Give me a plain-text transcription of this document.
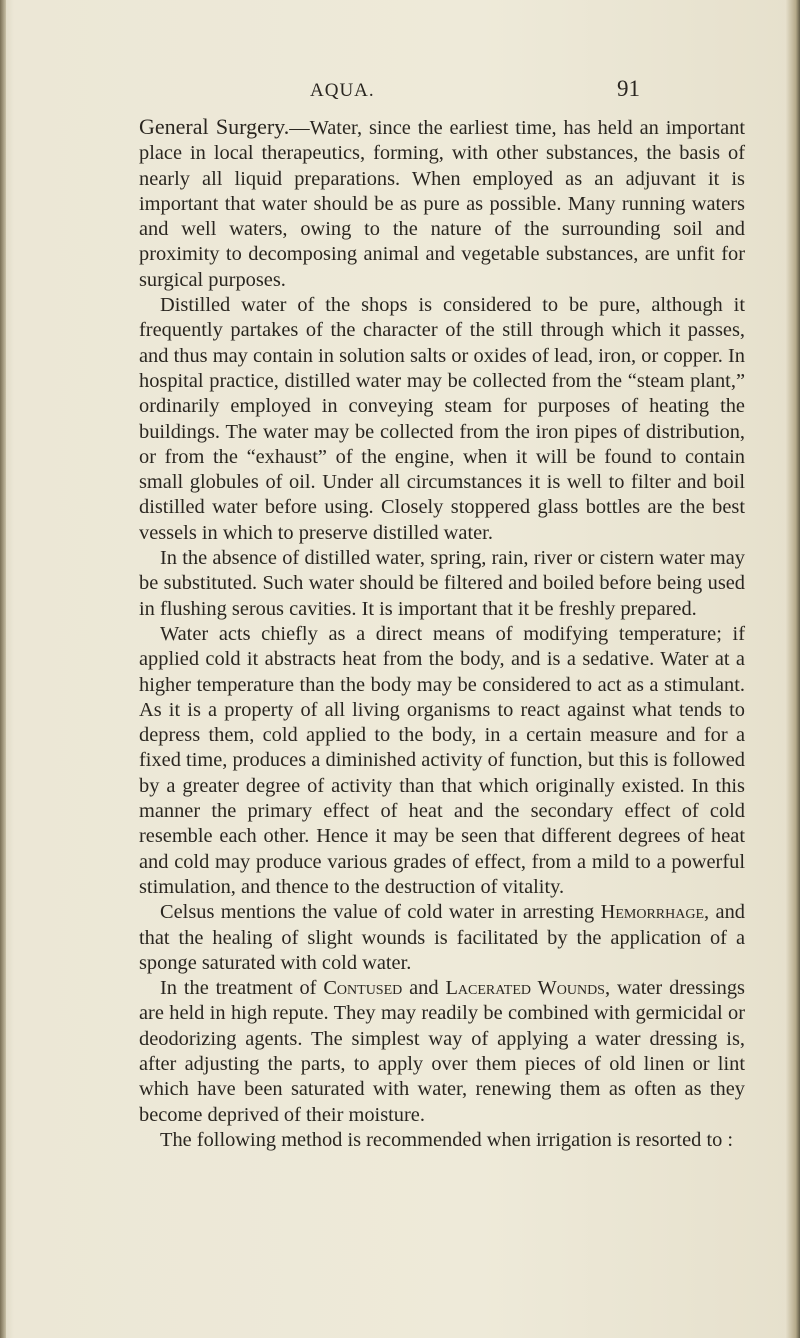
AQUA.	91

General Surgery.—Water, since the earliest time, has held an important place in local therapeutics, forming, with other substances, the basis of nearly all liquid preparations. When employed as an adjuvant it is important that water should be as pure as possible. Many running waters and well waters, owing to the nature of the surrounding soil and proximity to decomposing animal and vegetable substances, are unfit for surgical purposes.

Distilled water of the shops is considered to be pure, although it frequently partakes of the character of the still through which it passes, and thus may contain in solution salts or oxides of lead, iron, or copper. In hospital practice, distilled water may be collected from the “steam plant,” ordinarily employed in conveying steam for purposes of heating the buildings. The water may be collected from the iron pipes of distribution, or from the “exhaust” of the engine, when it will be found to contain small globules of oil. Under all circumstances it is well to filter and boil distilled water before using. Closely stoppered glass bottles are the best vessels in which to preserve distilled water.

In the absence of distilled water, spring, rain, river or cistern water may be substituted. Such water should be filtered and boiled before being used in flushing serous cavities. It is important that it be freshly prepared.

Water acts chiefly as a direct means of modifying temperature; if applied cold it abstracts heat from the body, and is a sedative. Water at a higher temperature than the body may be considered to act as a stimulant. As it is a property of all living organisms to react against what tends to depress them, cold applied to the body, in a certain measure and for a fixed time, produces a diminished activity of function, but this is followed by a greater degree of activity than that which originally existed. In this manner the primary effect of heat and the secondary effect of cold resemble each other. Hence it may be seen that different degrees of heat and cold may produce various grades of effect, from a mild to a powerful stimulation, and thence to the destruction of vitality.

Celsus mentions the value of cold water in arresting Hemorrhage, and that the healing of slight wounds is facilitated by the application of a sponge saturated with cold water.

In the treatment of Contused and Lacerated Wounds, water dressings are held in high repute. They may readily be combined with germicidal or deodorizing agents. The simplest way of applying a water dressing is, after adjusting the parts, to apply over them pieces of old linen or lint which have been saturated with water, renewing them as often as they become deprived of their moisture.

The following method is recommended when irrigation is resorted to :
